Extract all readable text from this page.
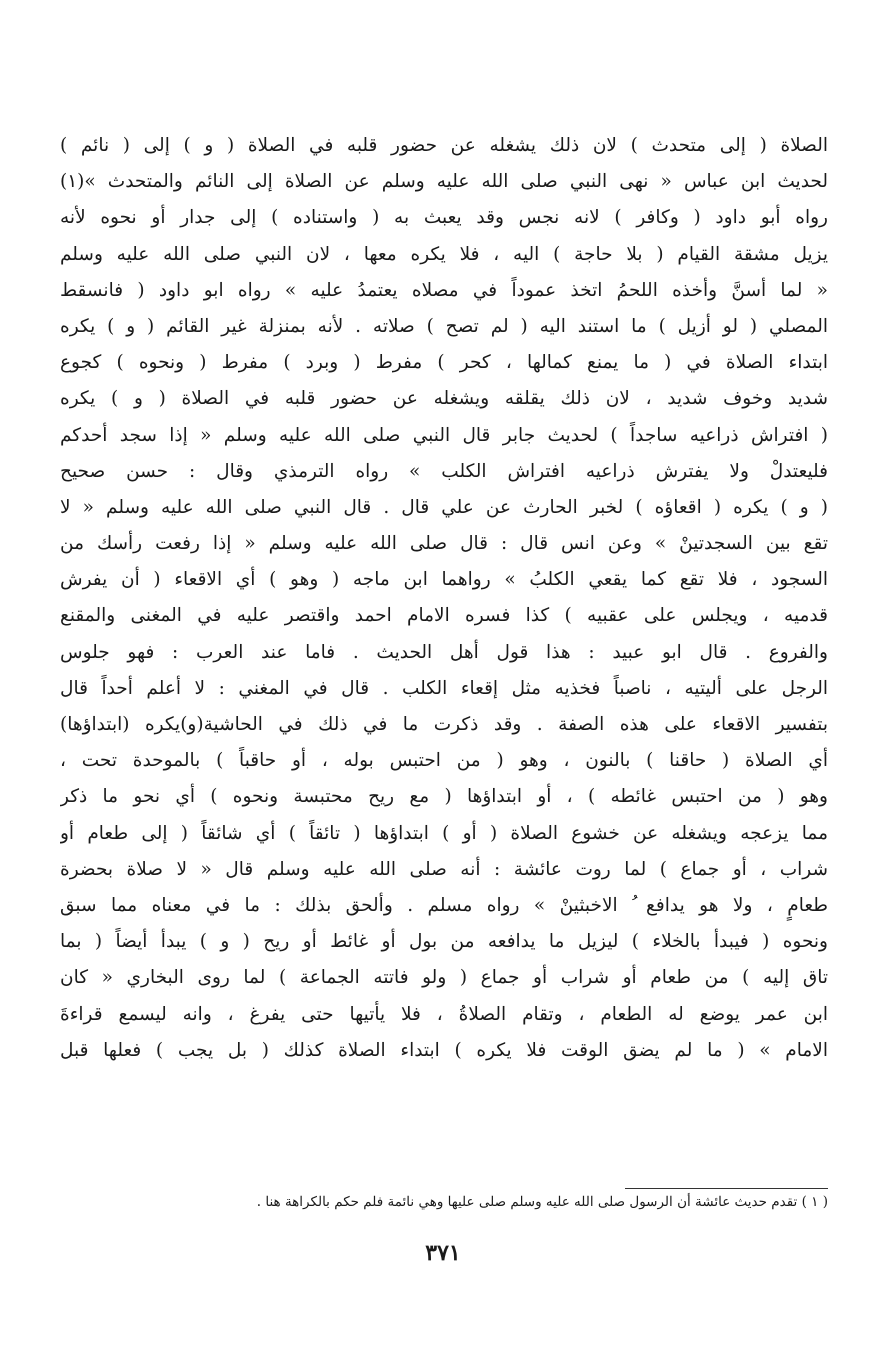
الصلاة ( إلى متحدث ) لان ذلك يشغله عن حضور قلبه في الصلاة ( و ) إلى ( نائم )
لحديث ابن عباس « نهى النبي صلى الله عليه وسلم عن الصلاة إلى النائم والمتحدث »(١)
رواه أبو داود ( وكافر ) لانه نجس وقد يعبث به ( واستناده ) إلى جدار أو نحوه لأنه
يزيل مشقة القيام ( بلا حاجة ) اليه ، فلا يكره معها ، لان النبي صلى الله عليه وسلم
« لما أسنَّ وأخذه اللحمُ اتخذ عموداً في مصلاه يعتمدُ عليه » رواه ابو داود ( فانسقط
المصلي ( لو أزيل ) ما استند اليه ( لم تصح ) صلاته . لأنه بمنزلة غير القائم ( و ) يكره
ابتداء الصلاة في ( ما يمنع كمالها ، كحر ) مفرط ( وبرد ) مفرط ( ونحوه ) كجوع
شديد وخوف شديد ، لان ذلك يقلقه ويشغله عن حضور قلبه في الصلاة ( و ) يكره
( افتراش ذراعيه ساجداً ) لحديث جابر قال النبي صلى الله عليه وسلم « إذا سجد أحدكم
فليعتدلْ ولا يفترش ذراعيه افتراش الكلب » رواه الترمذي وقال : حسن صحيح
( و ) يكره ( اقعاؤه ) لخبر الحارث عن علي قال . قال النبي صلى الله عليه وسلم « لا
تقع بين السجدتينْ » وعن انس قال : قال صلى الله عليه وسلم « إذا رفعت رأسك من
السجود ، فلا تقع كما يقعي الكلبُ » رواهما ابن ماجه ( وهو ) أي الاقعاء ( أن يفرش
قدميه ، ويجلس على عقبيه ) كذا فسره الامام احمد واقتصر عليه في المغنى والمقنع
والفروع . قال ابو عبيد : هذا قول أهل الحديث . فاما عند العرب : فهو جلوس
الرجل على أليتيه ، ناصباً فخذيه مثل إقعاء الكلب . قال في المغني : لا أعلم أحداً قال
بتفسير الاقعاء على هذه الصفة . وقد ذكرت ما في ذلك في الحاشية(و)يكره (ابتداؤها)
أي الصلاة ( حاقنا ) بالنون ، وهو ( من احتبس بوله ، أو حاقباً ) بالموحدة تحت ،
وهو ( من احتبس غائطه ) ، أو ابتداؤها ( مع ريح محتبسة ونحوه ) أي نحو ما ذكر
مما يزعجه ويشغله عن خشوع الصلاة ( أو ) ابتداؤها ( تائقاً ) أي شائقاً ( إلى طعام أو
شراب ، أو جماع ) لما روت عائشة : أنه صلى الله عليه وسلم قال « لا صلاة بحضرة
طعامٍ ، ولا هو يدافع ُ الاخبثينْ » رواه مسلم . وألحق بذلك : ما في معناه مما سبق
ونحوه ( فيبدأ بالخلاء ) ليزيل ما يدافعه من بول أو غائط أو ريح ( و ) يبدأ أيضاً ( بما
تاق إليه ) من طعام أو شراب أو جماع ( ولو فاتته الجماعة ) لما روى البخاري « كان
ابن عمر يوضع له الطعام ، وتقام الصلاةُ ، فلا يأتيها حتى يفرغ ، وانه ليسمع قراءةَ
الامام » ( ما لم يضق الوقت فلا يكره ) ابتداء الصلاة كذلك ( بل يجب ) فعلها قبل
( ١ ) تقدم حديث عائشة أن الرسول صلى الله عليه وسلم صلى عليها وهي نائمة فلم حكم بالكراهة هنا .
٣٧١
